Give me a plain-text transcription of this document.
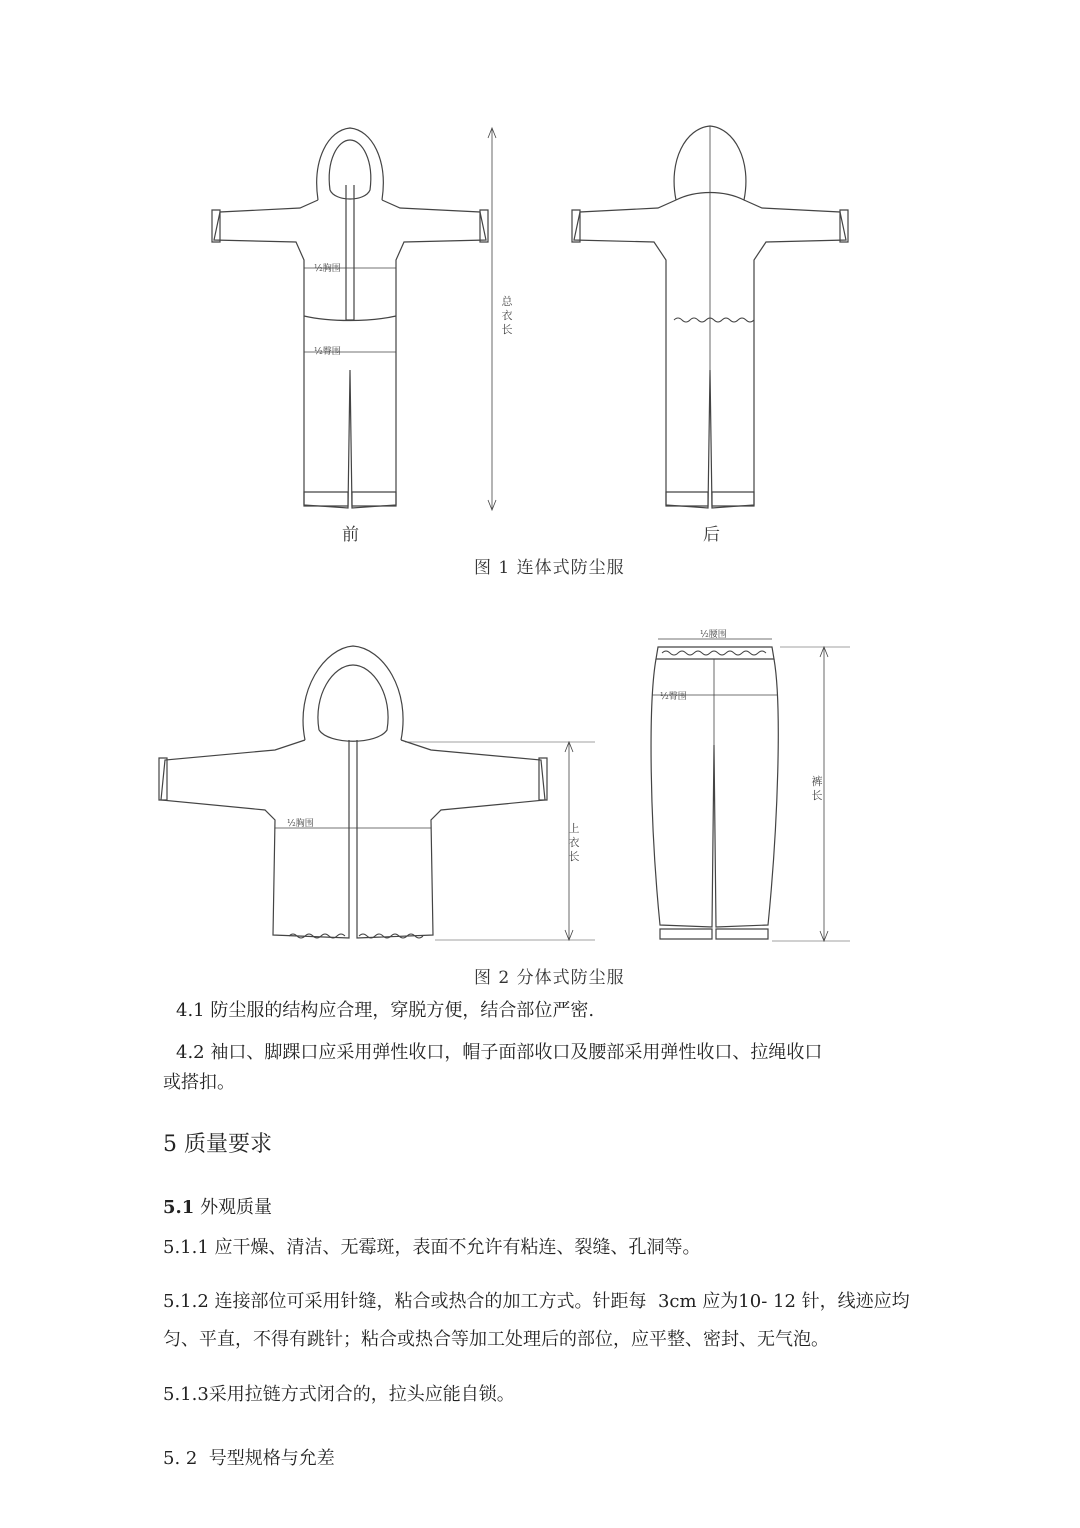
½胸围
½臀围
总衣长
前	后
图 1 连体式防尘服
½胸围	上衣长
½腰围
½臀围
裤长
图 2 分体式防尘服
4.1 防尘服的结构应合理，穿脱方便，结合部位严密.
4.2 袖口、脚踝口应采用弹性收口，帽子面部收口及腰部采用弹性收口、拉绳收口
或搭扣。
5 质量要求
5.1 外观质量
5.1.1 应干燥、清洁、无霉斑，表面不允许有粘连、裂缝、孔洞等。
5.1.2 连接部位可采用针缝，粘合或热合的加工方式。针距每  3cm 应为10- 12 针，线迹应均
匀、平直，不得有跳针；粘合或热合等加工处理后的部位，应平整、密封、无气泡。
5.1.3采用拉链方式闭合的，拉头应能自锁。
5. 2  号型规格与允差
